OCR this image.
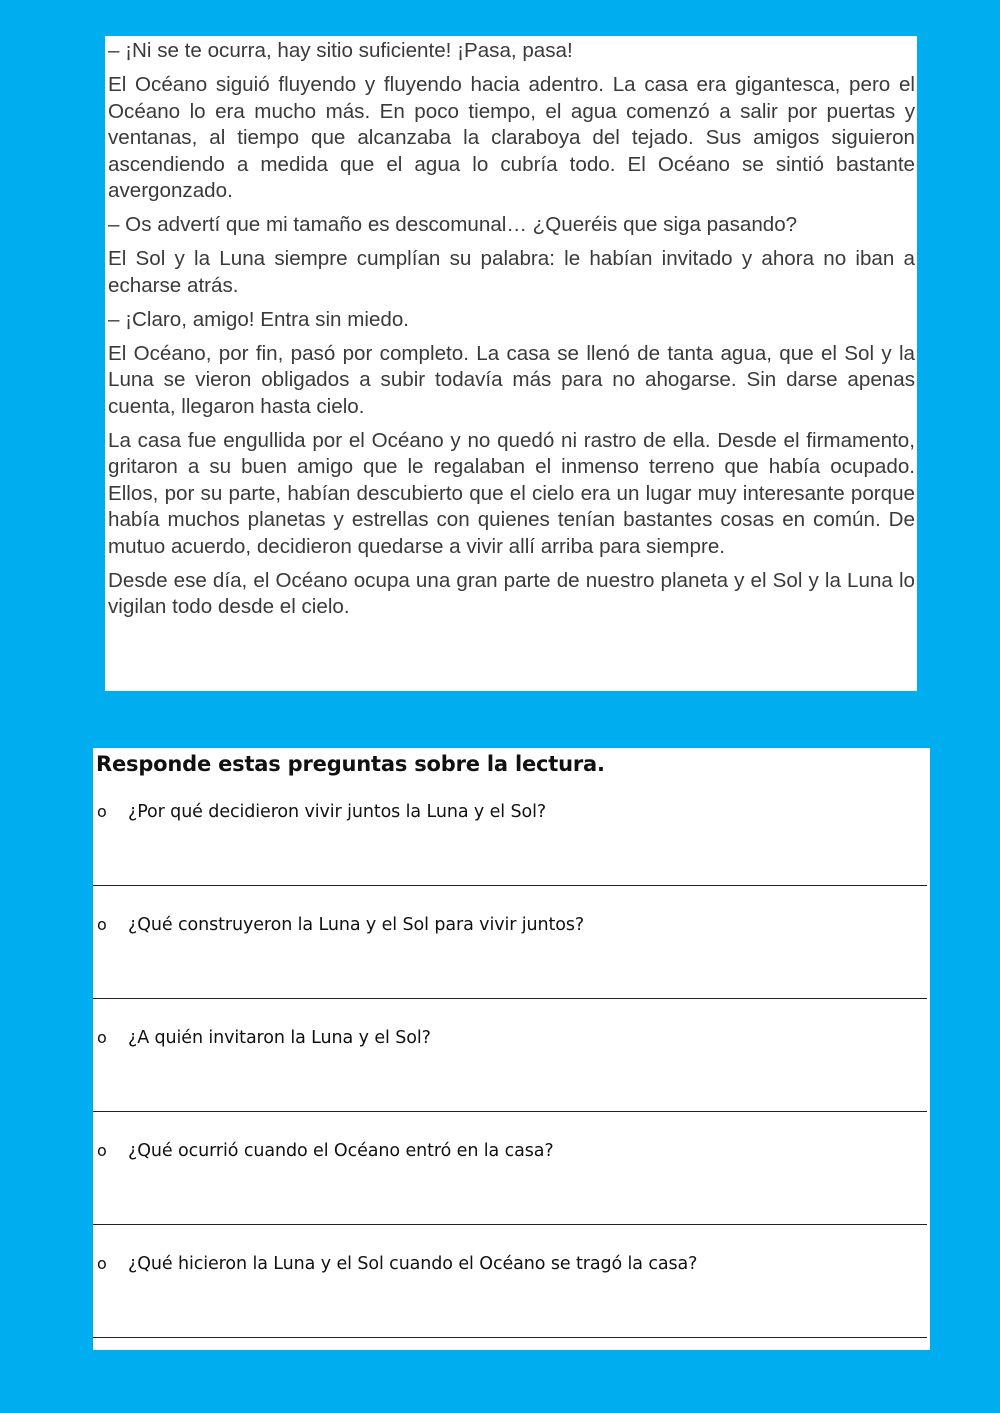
– ¡Ni se te ocurra, hay sitio suficiente! ¡Pasa, pasa!

El Océano siguió fluyendo y fluyendo hacia adentro. La casa era gigantesca, pero el Océano lo era mucho más. En poco tiempo, el agua comenzó a salir por puertas y ventanas, al tiempo que alcanzaba la claraboya del tejado. Sus amigos siguieron ascendiendo a medida que el agua lo cubría todo. El Océano se sintió bastante avergonzado.

– Os advertí que mi tamaño es descomunal… ¿Queréis que siga pasando?

El Sol y la Luna siempre cumplían su palabra: le habían invitado y ahora no iban a echarse atrás.

– ¡Claro, amigo! Entra sin miedo.

El Océano, por fin, pasó por completo. La casa se llenó de tanta agua, que el Sol y la Luna se vieron obligados a subir todavía más para no ahogarse. Sin darse apenas cuenta, llegaron hasta cielo.

La casa fue engullida por el Océano y no quedó ni rastro de ella. Desde el firmamento, gritaron a su buen amigo que le regalaban el inmenso terreno que había ocupado. Ellos, por su parte, habían descubierto que el cielo era un lugar muy interesante porque había muchos planetas y estrellas con quienes tenían bastantes cosas en común. De mutuo acuerdo, decidieron quedarse a vivir allí arriba para siempre.

Desde ese día, el Océano ocupa una gran parte de nuestro planeta y el Sol y la Luna lo vigilan todo desde el cielo.

Responde estas preguntas sobre la lectura.
o ¿Por qué decidieron vivir juntos la Luna y el Sol?
o ¿Qué construyeron la Luna y el Sol para vivir juntos?
o ¿A quién invitaron la Luna y el Sol?
o ¿Qué ocurrió cuando el Océano entró en la casa?
o ¿Qué hicieron la Luna y el Sol cuando el Océano se tragó la casa?
